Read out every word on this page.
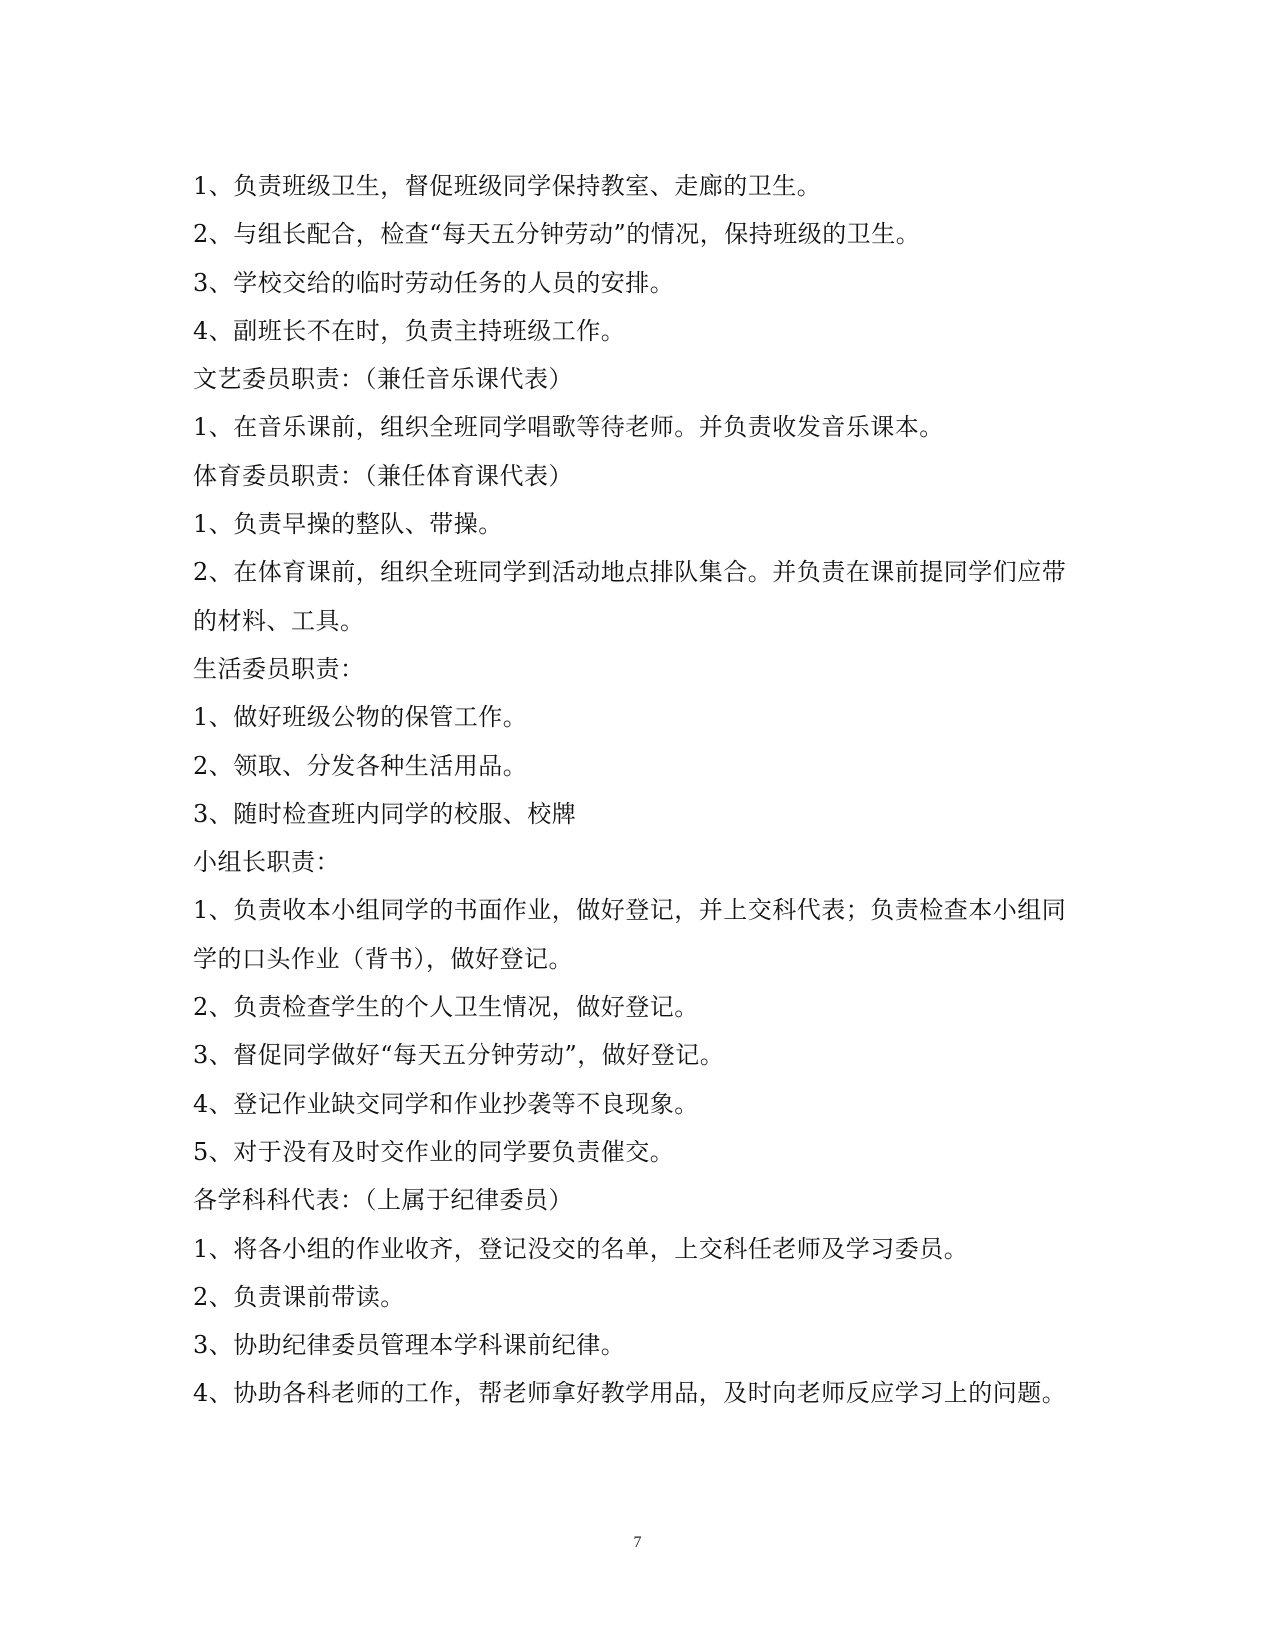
1、负责班级卫生，督促班级同学保持教室、走廊的卫生。
2、与组长配合，检查“每天五分钟劳动”的情况，保持班级的卫生。
3、学校交给的临时劳动任务的人员的安排。
4、副班长不在时，负责主持班级工作。
文艺委员职责：（兼任音乐课代表）
1、在音乐课前，组织全班同学唱歌等待老师。并负责收发音乐课本。
体育委员职责：（兼任体育课代表）
1、负责早操的整队、带操。
2、在体育课前，组织全班同学到活动地点排队集合。并负责在课前提同学们应带
的材料、工具。
生活委员职责：
1、做好班级公物的保管工作。
2、领取、分发各种生活用品。
3、随时检查班内同学的校服、校牌
小组长职责：
1、负责收本小组同学的书面作业，做好登记，并上交科代表；负责检查本小组同
学的口头作业（背书），做好登记。
2、负责检查学生的个人卫生情况，做好登记。
3、督促同学做好“每天五分钟劳动”，做好登记。
4、登记作业缺交同学和作业抄袭等不良现象。
5、对于没有及时交作业的同学要负责催交。
各学科科代表：（上属于纪律委员）
1、将各小组的作业收齐，登记没交的名单，上交科任老师及学习委员。
2、负责课前带读。
3、协助纪律委员管理本学科课前纪律。
4、协助各科老师的工作，帮老师拿好教学用品，及时向老师反应学习上的问题。
7
